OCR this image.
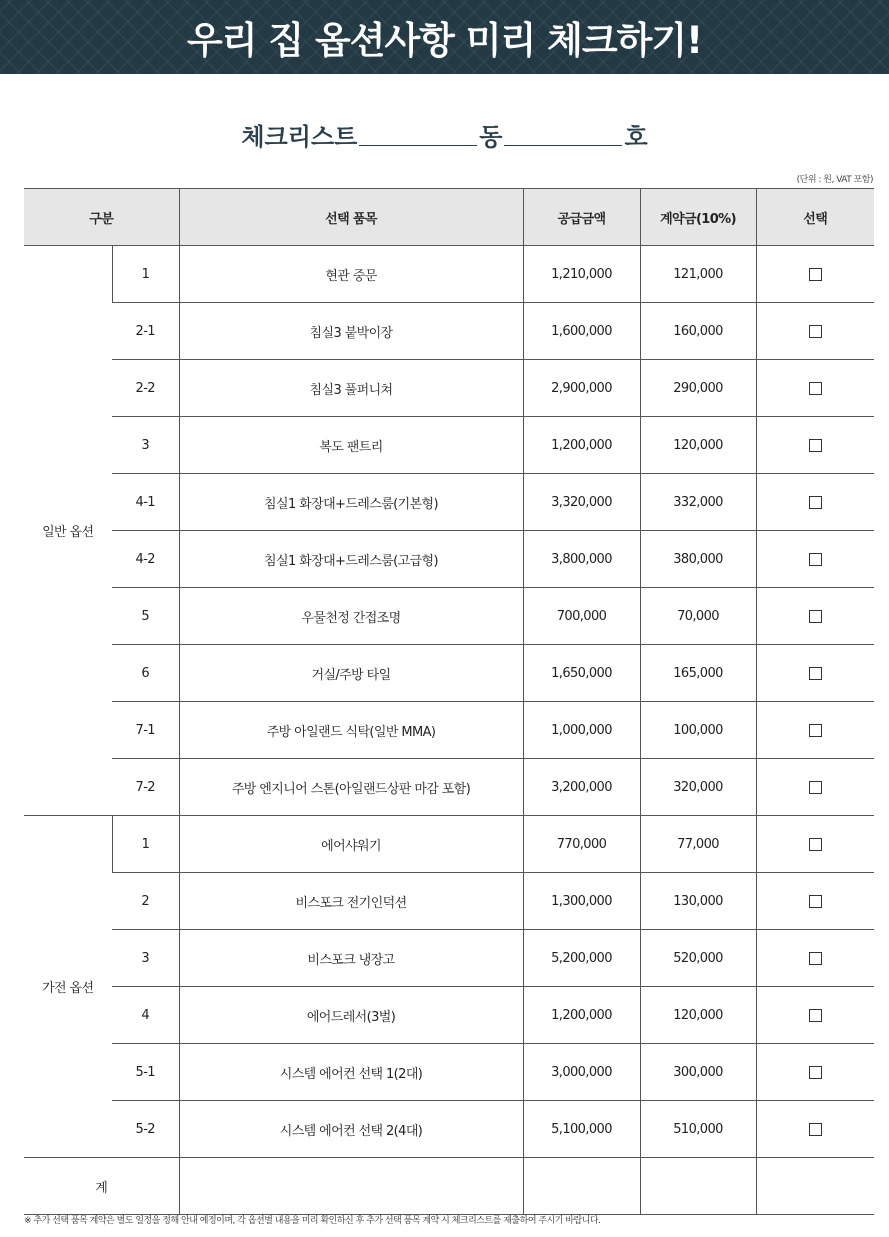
우리 집 옵션사항 미리 체크하기!
체크리스트	동	호
(단위 : 원, VAT 포함)
구분		선택 품목	공급금액	계약금(10%)	선택
일반 옵션	1	현관 중문	1,210,000	121,000	
	2-1	침실3 붙박이장	1,600,000	160,000	
	2-2	침실3 풀퍼니쳐	2,900,000	290,000	
	3	복도 팬트리	1,200,000	120,000	
	4-1	침실1 화장대+드레스룸(기본형)	3,320,000	332,000	
	4-2	침실1 화장대+드레스룸(고급형)	3,800,000	380,000	
	5	우물천정 간접조명	700,000	70,000	
	6	거실/주방 타일	1,650,000	165,000	
	7-1	주방 아일랜드 식탁(일반 MMA)	1,000,000	100,000	
	7-2	주방 엔지니어 스톤(아일랜드상판 마감 포함)	3,200,000	320,000	
가전 옵션	1	에어샤워기	770,000	77,000	
	2	비스포크 전기인덕션	1,300,000	130,000	
	3	비스포크 냉장고	5,200,000	520,000	
	4	에어드레서(3벌)	1,200,000	120,000	
	5-1	시스템 에어컨 선택 1(2대)	3,000,000	300,000	
	5-2	시스템 에어컨 선택 2(4대)	5,100,000	510,000	
계					
※ 추가 선택 품목 계약은 별도 일정을 정해 안내 예정이며, 각 옵션별 내용을 미리 확인하신 후 추가 선택 품목 계약 시 체크리스트를 제출하여 주시기 바랍니다.
